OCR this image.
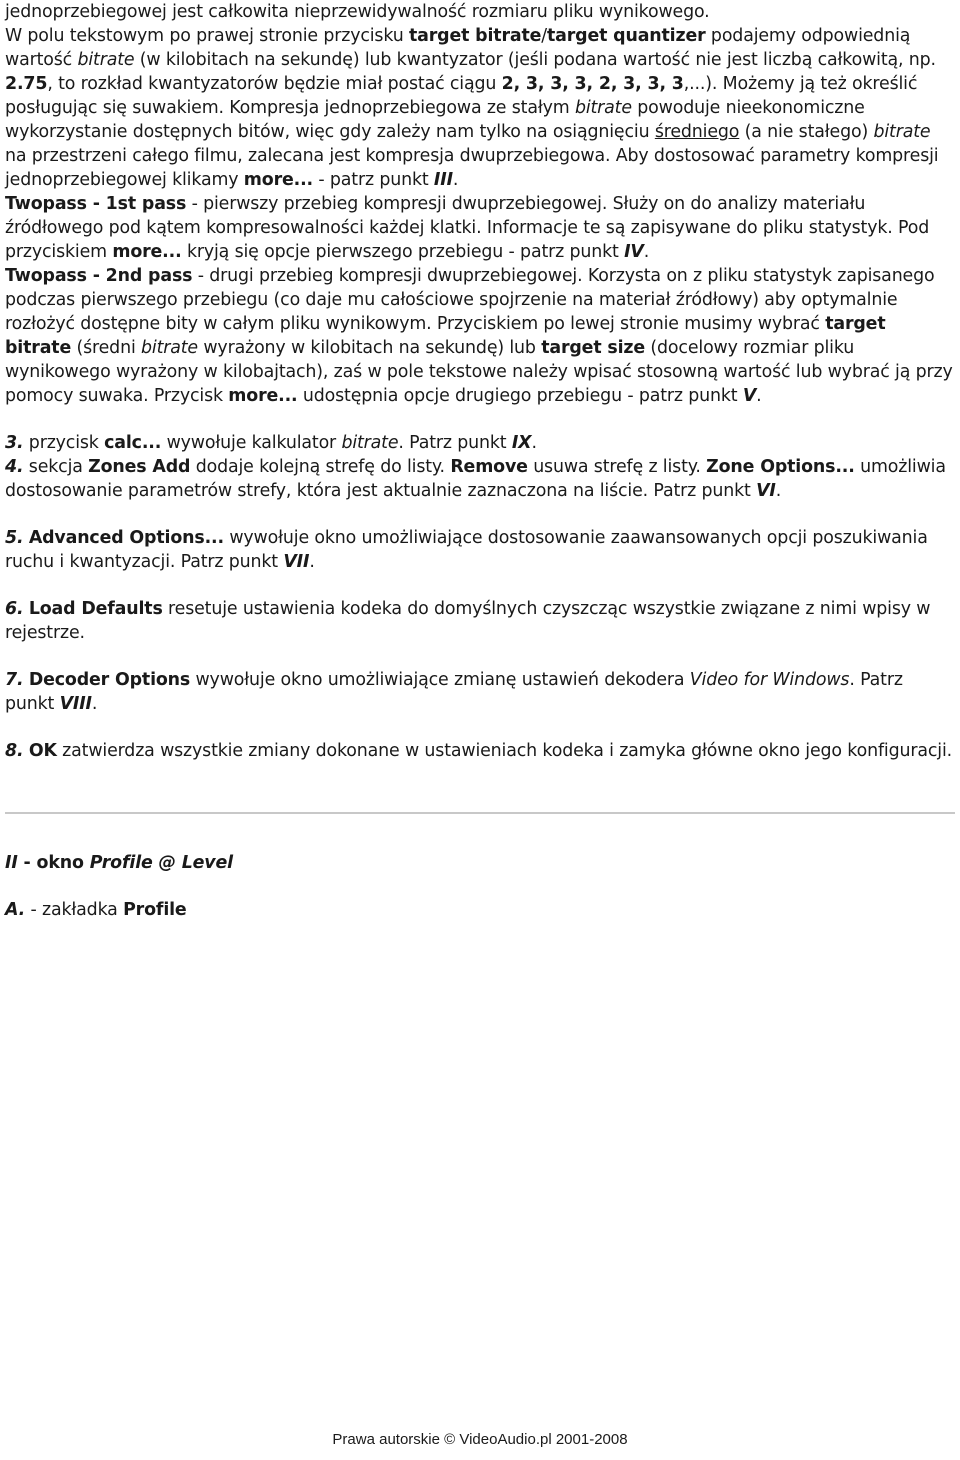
jednoprzebiegowej jest całkowita nieprzewidywalność rozmiaru pliku wynikowego.
W polu tekstowym po prawej stronie przycisku target bitrate/target quantizer podajemy odpowiednią wartość bitrate (w kilobitach na sekundę) lub kwantyzator (jeśli podana wartość nie jest liczbą całkowitą, np. 2.75, to rozkład kwantyzatorów będzie miał postać ciągu 2, 3, 3, 3, 2, 3, 3, 3,...). Możemy ją też określić posługując się suwakiem. Kompresja jednoprzebiegowa ze stałym bitrate powoduje nieekonomiczne wykorzystanie dostępnych bitów, więc gdy zależy nam tylko na osiągnięciu średniego (a nie stałego) bitrate na przestrzeni całego filmu, zalecana jest kompresja dwuprzebiegowa. Aby dostosować parametry kompresji jednoprzebiegowej klikamy more... - patrz punkt III.

Twopass - 1st pass - pierwszy przebieg kompresji dwuprzebiegowej. Służy on do analizy materiału źródłowego pod kątem kompresowalności każdej klatki. Informacje te są zapisywane do pliku statystyk. Pod przyciskiem more... kryją się opcje pierwszego przebiegu - patrz punkt IV.

Twopass - 2nd pass - drugi przebieg kompresji dwuprzebiegowej. Korzysta on z pliku statystyk zapisanego podczas pierwszego przebiegu (co daje mu całościowe spojrzenie na materiał źródłowy) aby optymalnie rozłożyć dostępne bity w całym pliku wynikowym. Przyciskiem po lewej stronie musimy wybrać target bitrate (średni bitrate wyrażony w kilobitach na sekundę) lub target size (docelowy rozmiar pliku wynikowego wyrażony w kilobajtach), zaś w pole tekstowe należy wpisać stosowną wartość lub wybrać ją przy pomocy suwaka. Przycisk more... udostępnia opcje drugiego przebiegu - patrz punkt V.

3. przycisk calc... wywołuje kalkulator bitrate. Patrz punkt IX.

4. sekcja Zones Add dodaje kolejną strefę do listy. Remove usuwa strefę z listy. Zone Options... umożliwia dostosowanie parametrów strefy, która jest aktualnie zaznaczona na liście. Patrz punkt VI.

5. Advanced Options... wywołuje okno umożliwiające dostosowanie zaawansowanych opcji poszukiwania ruchu i kwantyzacji. Patrz punkt VII.

6. Load Defaults resetuje ustawienia kodeka do domyślnych czyszcząc wszystkie związane z nimi wpisy w rejestrze.

7. Decoder Options wywołuje okno umożliwiające zmianę ustawień dekodera Video for Windows. Patrz punkt VIII.

8. OK zatwierdza wszystkie zmiany dokonane w ustawieniach kodeka i zamyka główne okno jego konfiguracji.

II - okno Profile @ Level

A. - zakładka Profile

Prawa autorskie © VideoAudio.pl 2001-2008
